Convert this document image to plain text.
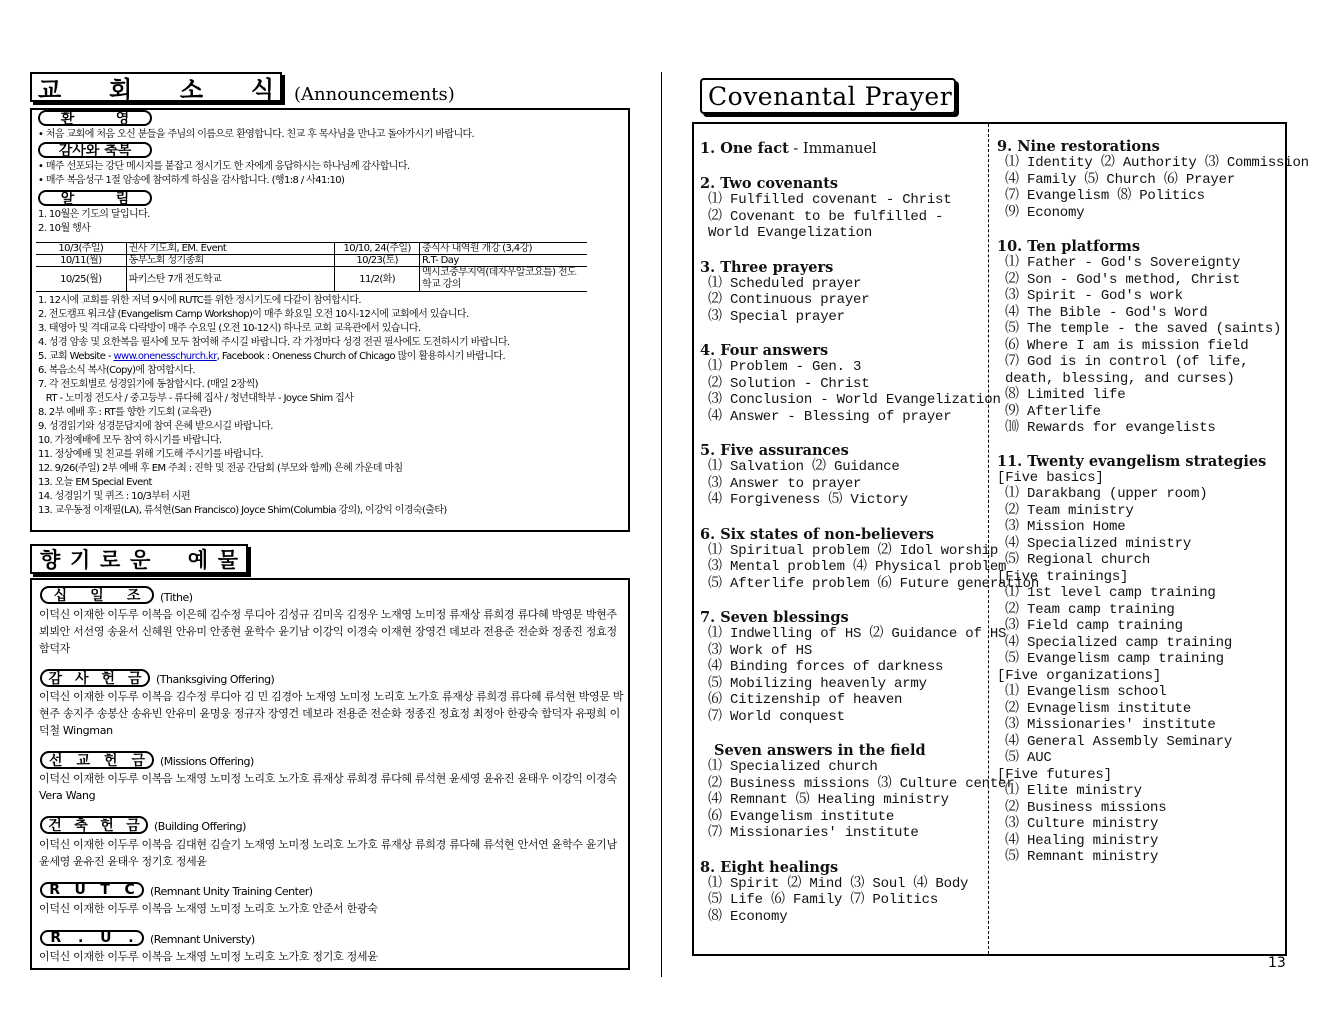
교 회 소 식 (Announcements)
환	영
• 처음 교회에 처음 오신 분들을 주님의 이름으로 환영합니다. 친교 후 목사님을 만나고 돌아가시기 바랍니다.
감사와 축복
• 매주 선포되는 강단 메시지를 붙잡고 정시기도 한 자에게 응답하시는 하나님께 감사합니다.
• 매주 복음성구 1절 암송에 참여하게 하심을 감사합니다. (행1:8 / 사41:10)
알	림
1. 10월은 기도의 달입니다.
2. 10월 행사
10/3(주일)	권사 기도회, EM. Event	10/10, 24(주일)	중식사 내역원 개강 (3,4강)
10/11(월)	동부노회 성기종회	10/23(토)	R.T- Day
10/25(월)	파키스탄 7개 전도학교	11/2(화)	멕시코중부지역(데자우알코요틀) 전도학교 강의
1. 12시에 교회를 위한 저녁 9시에 RUTC를 위한 정시기도에 다같이 참여합시다.
2. 전도캠프 워크샵 (Evangelism Camp Workshop)이 매주 화요일 오전 10시-12시에 교회에서 있습니다.
3. 태영아 및 격대교육 다락방이 매주 수요일 (오전 10-12시) 하나로 교회 교육관에서 있습니다.
4. 성경 암송 및 요한복음 필사에 모두 참여해 주시길 바랍니다. 각 가정마다 성경 전권 필사에도 도전하시기 바랍니다.
5. 교회 Website - www.onenesschurch.kr, Facebook : Oneness Church of Chicago 많이 활용하시기 바랍니다.
6. 복음소식 복사(Copy)에 참여합시다.
7. 각 전도회별로 성경읽기에 동참합시다. (매일 2장씩)
RT - 노미정 전도사 / 중고등부 - 류다혜 집사 / 청년대학부 - Joyce Shim 집사
8. 2부 예배 후 : RT를 향한 기도회 (교육관)
9. 성경읽기와 성경문답지에 참여 은혜 받으시길 바랍니다.
10. 가정예배에 모두 참여 하시기를 바랍니다.
11. 정상예배 및 친교를 위해 기도해 주시기를 바랍니다.
12. 9/26(주일) 2부 예배 후 EM 주최 : 진학 및 전공 간담회 (부모와 함께) 은혜 가운데 마침
13. 오늘 EM Special Event
14. 성경읽기 및 퀴즈 : 10/3부터 시편
13. 교우동정 이재필(LA), 류석현(San Francisco) Joyce Shim(Columbia 강의), 이강익 이경숙(출타)
향 기 로 운 예 물
십 일 조 (Tithe)
이덕신 이재한 이두루 이복음 이은혜 김수정 루디아 김성규 김미옥 김정우 노재영 노미정 류재상 류희경 류다혜 박영문 박현주 뵈뵈안 서선영 송윤서 신혜원 안유미 안종현 윤학수 윤기남 이강익 이경숙 이재현 장영건 데보라 전용준 전순화 정종진 정효정 함덕자
감 사 헌 금 (Thanksgiving Offering)
이덕신 이재한 이두루 이복음 김수정 루디아 김 민 김경아 노재영 노미정 노리호 노가호 류재상 류희경 류다혜 류석현 박영문 박현주 송지주 송봉산 송유빈 안유미 윤명웅 정규자 장영건 데보라 전용준 전순화 정종진 정효정 최정아 한광숙 함덕자 유평희 이덕철 Wingman
선 교 헌 금 (Missions Offering)
이덕신 이재한 이두루 이복음 노재영 노미정 노리호 노가호 류재상 류희경 류다혜 류석현 윤세영 윤유진 윤태우 이강익 이경숙 Vera Wang
건 축 헌 금 (Building Offering)
이덕신 이재한 이두루 이복음 김대현 김슬기 노재영 노미정 노리호 노가호 류재상 류희경 류다혜 류석현 안서연 윤학수 윤기남 윤세영 윤유진 윤태우 정기호 정세윤
R U T C (Remnant Unity Training Center)
이덕신 이재한 이두루 이복음 노재영 노미정 노리호 노가호 안준서 한광숙
R . U . (Remnant Universty)
이덕신 이재한 이두루 이복음 노재영 노미정 노리호 노가호 정기호 정세윤
Covenantal Prayer
1. One fact - Immanuel
2. Two covenants
⑴ Fulfilled covenant - Christ
⑵ Covenant to be fulfilled - World Evangelization
3. Three prayers
⑴ Scheduled prayer
⑵ Continuous prayer
⑶ Special prayer
4. Four answers
⑴ Problem - Gen. 3
⑵ Solution - Christ
⑶ Conclusion - World Evangelization
⑷ Answer - Blessing of prayer
5. Five assurances
⑴ Salvation ⑵ Guidance
⑶ Answer to prayer
⑷ Forgiveness ⑸ Victory
6. Six states of non-believers
⑴ Spiritual problem ⑵ Idol worship
⑶ Mental problem ⑷ Physical problem
⑸ Afterlife problem ⑹ Future generation
7. Seven blessings
⑴ Indwelling of HS ⑵ Guidance of HS
⑶ Work of HS
⑷ Binding forces of darkness
⑸ Mobilizing heavenly army
⑹ Citizenship of heaven
⑺ World conquest
Seven answers in the field
⑴ Specialized church
⑵ Business missions ⑶ Culture center
⑷ Remnant ⑸ Healing ministry
⑹ Evangelism institute
⑺ Missionaries' institute
8. Eight healings
⑴ Spirit ⑵ Mind ⑶ Soul ⑷ Body
⑸ Life ⑹ Family ⑺ Politics
⑻ Economy
9. Nine restorations
⑴ Identity ⑵ Authority ⑶ Commission
⑷ Family ⑸ Church ⑹ Prayer
⑺ Evangelism ⑻ Politics
⑼ Economy
10. Ten platforms
⑴ Father - God's Sovereignty
⑵ Son - God's method, Christ
⑶ Spirit - God's work
⑷ The Bible - God's Word
⑸ The temple - the saved (saints)
⑹ Where I am is mission field
⑺ God is in control (of life, death, blessing, and curses)
⑻ Limited life
⑼ Afterlife
⑽ Rewards for evangelists
11. Twenty evangelism strategies
[Five basics]
⑴ Darakbang (upper room)
⑵ Team ministry
⑶ Mission Home
⑷ Specialized ministry
⑸ Regional church
[Five trainings]
⑴ 1st level camp training
⑵ Team camp training
⑶ Field camp training
⑷ Specialized camp training
⑸ Evangelism camp training
[Five organizations]
⑴ Evangelism school
⑵ Evnagelism institute
⑶ Missionaries' institute
⑷ General Assembly Seminary
⑸ AUC
[Five futures]
⑴ Elite ministry
⑵ Business missions
⑶ Culture ministry
⑷ Healing ministry
⑸ Remnant ministry
13
